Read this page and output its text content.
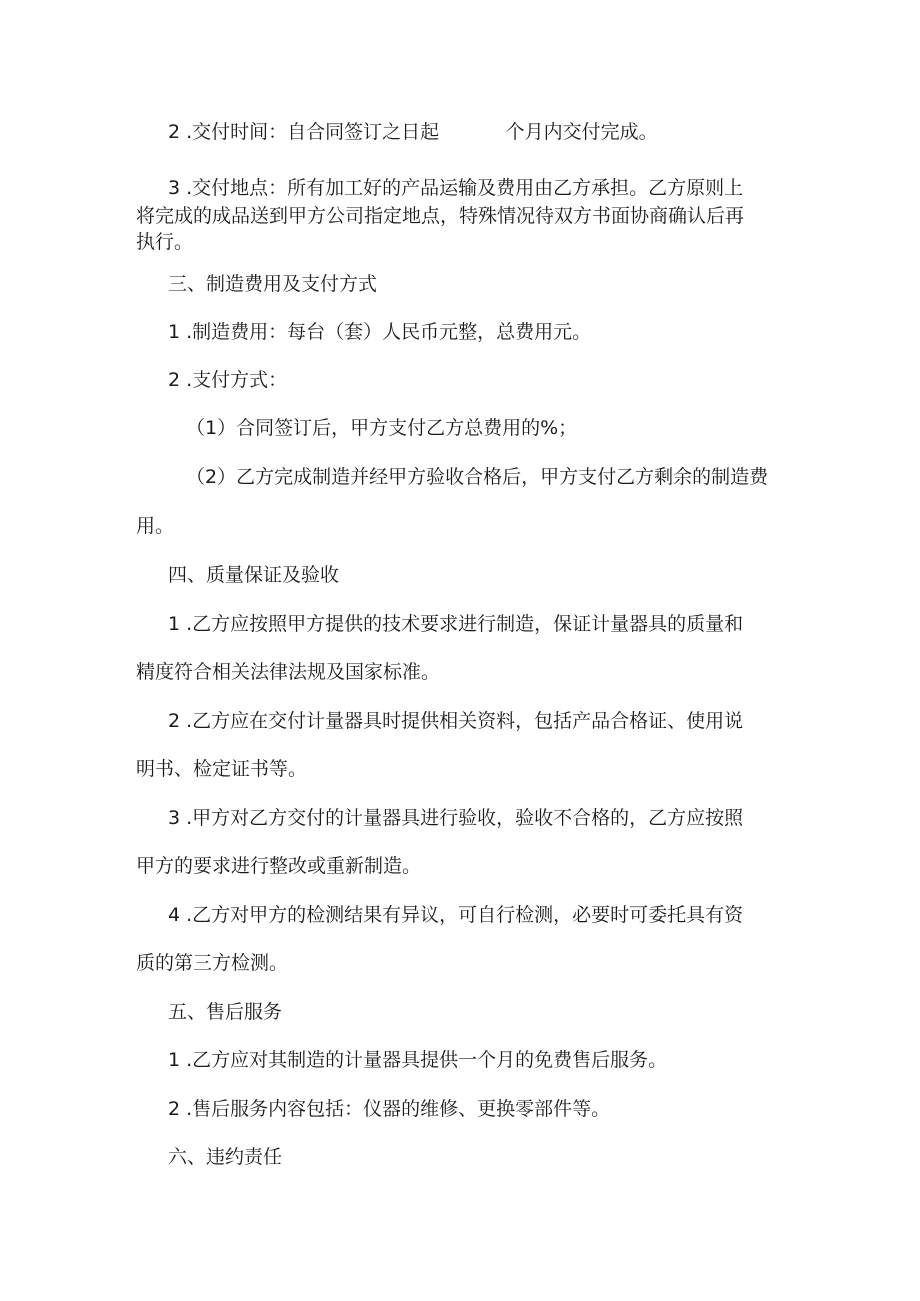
2 .交付时间：自合同签订之日起           个月内交付完成。

3 .交付地点：所有加工好的产品运输及费用由乙方承担。乙方原则上

将完成的成品送到甲方公司指定地点，特殊情况待双方书面协商确认后再

执行。

三、制造费用及支付方式

1 .制造费用：每台（套）人民币元整，总费用元。

2 .支付方式：

（1）合同签订后，甲方支付乙方总费用的%；

（2）乙方完成制造并经甲方验收合格后，甲方支付乙方剩余的制造费

用。

四、质量保证及验收

1 .乙方应按照甲方提供的技术要求进行制造，保证计量器具的质量和

精度符合相关法律法规及国家标准。

2 .乙方应在交付计量器具时提供相关资料，包括产品合格证、使用说

明书、检定证书等。

3 .甲方对乙方交付的计量器具进行验收，验收不合格的，乙方应按照

甲方的要求进行整改或重新制造。

4 .乙方对甲方的检测结果有异议，可自行检测，必要时可委托具有资

质的第三方检测。

五、售后服务

1 .乙方应对其制造的计量器具提供一个月的免费售后服务。

2 .售后服务内容包括：仪器的维修、更换零部件等。

六、违约责任
